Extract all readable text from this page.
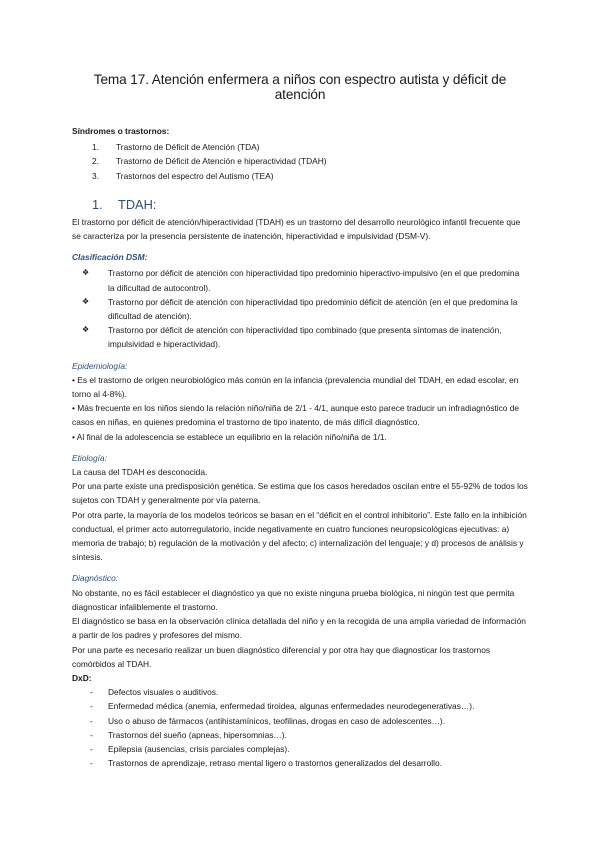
Tema 17. Atención enfermera a niños con espectro autista y déficit de atención

Síndromes o trastornos:

1. Trastorno de Déficit de Atención (TDA)
2. Trastorno de Déficit de Atención e hiperactividad (TDAH)
3. Trastornos del espectro del Autismo (TEA)
1. TDAH:

El trastorno por déficit de atención/hiperactividad (TDAH) es un trastorno del desarrollo neurológico infantil frecuente que se caracteriza por la presencia persistente de inatención, hiperactividad e impulsividad (DSM-V).

Clasificación DSM:

❖ Trastorno por déficit de atención con hiperactividad tipo predominio hiperactivo-impulsivo (en el que predomina la dificultad de autocontrol).
❖ Trastorno por déficit de atención con hiperactividad tipo predominio déficit de atención (en el que predomina la dificultad de atención).
❖ Trastorno por déficit de atención con hiperactividad tipo combinado (que presenta síntomas de inatención, impulsividad e hiperactividad).

Epidemiología:

• Es el trastorno de origen neurobiológico más común en la infancia (prevalencia mundial del TDAH, en edad escolar, en torno al 4-8%).

• Más frecuente en los niños siendo la relación niño/niña de 2/1 - 4/1, aunque esto parece traducir un infradiagnóstico de casos en niñas, en quienes predomina el trastorno de tipo inatento, de más difícil diagnóstico.

• Al final de la adolescencia se establece un equilibrio en la relación niño/niña de 1/1.

Etiología:

La causa del TDAH es desconocida.

Por una parte existe una predisposición genética. Se estima que los casos heredados oscilan entre el 55-92% de todos los sujetos con TDAH y generalmente por vía paterna.

Por otra parte, la mayoría de los modelos teóricos se basan en el “déficit en el control inhibitorio”. Este fallo en la inhibición conductual, el primer acto autorregulatorio, incide negativamente en cuatro funciones neuropsicológicas ejecutivas: a) memoria de trabajo; b) regulación de la motivación y del afecto; c) internalización del lenguaje; y d) procesos de análisis y síntesis.

Diagnóstico:

No obstante, no es fácil establecer el diagnóstico ya que no existe ninguna prueba biológica, ni ningún test que permita diagnosticar infaliblemente el trastorno.

El diagnóstico se basa en la observación clínica detallada del niño y en la recogida de una amplia variedad de información a partir de los padres y profesores del mismo.

Por una parte es necesario realizar un buen diagnóstico diferencial y por otra hay que diagnosticar los trastornos comórbidos al TDAH.

DxD:

- Defectos visuales o auditivos.
- Enfermedad médica (anemia, enfermedad tiroidea, algunas enfermedades neurodegenerativas…).
- Uso o abuso de fármacos (antihistamínicos, teofilinas, drogas en caso de adolescentes…).
- Trastornos del sueño (apneas, hipersomnias…).
- Epilepsia (ausencias, crisis parciales complejas).
- Trastornos de aprendizaje, retraso mental ligero o trastornos generalizados del desarrollo.
